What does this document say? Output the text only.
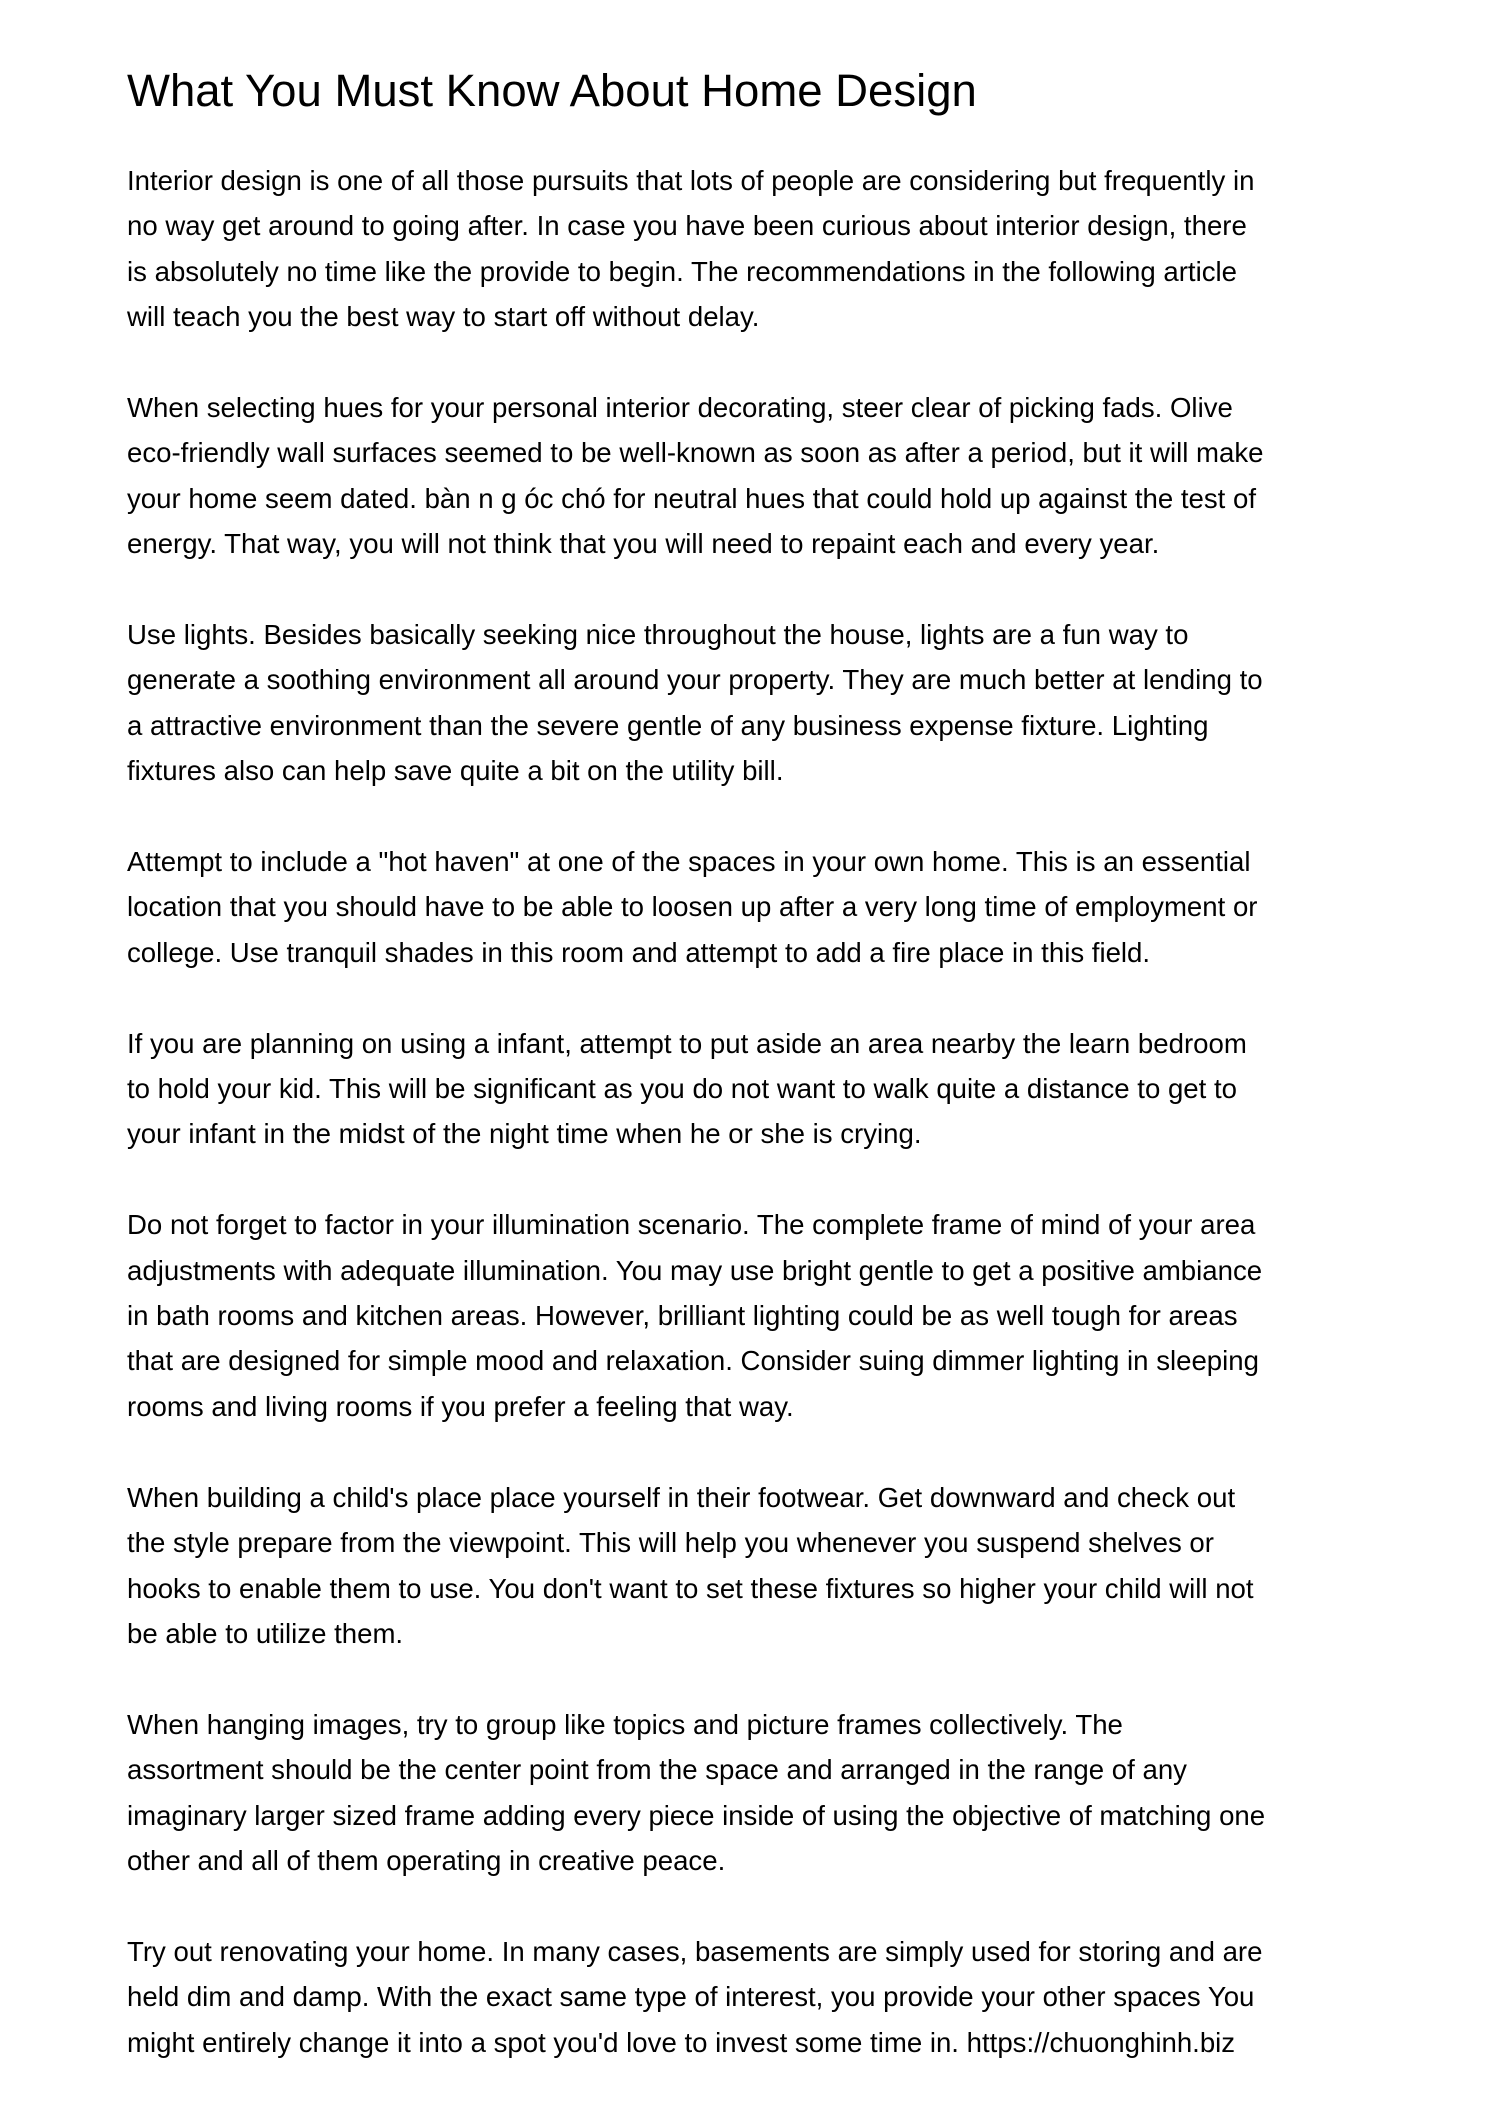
What You Must Know About Home Design

Interior design is one of all those pursuits that lots of people are considering but frequently in
no way get around to going after. In case you have been curious about interior design, there
is absolutely no time like the provide to begin. The recommendations in the following article
will teach you the best way to start off without delay.

When selecting hues for your personal interior decorating, steer clear of picking fads. Olive
eco-friendly wall surfaces seemed to be well-known as soon as after a period, but it will make
your home seem dated. bàn n g óc chó for neutral hues that could hold up against the test of
energy. That way, you will not think that you will need to repaint each and every year.

Use lights. Besides basically seeking nice throughout the house, lights are a fun way to
generate a soothing environment all around your property. They are much better at lending to
a attractive environment than the severe gentle of any business expense fixture. Lighting
fixtures also can help save quite a bit on the utility bill.

Attempt to include a "hot haven" at one of the spaces in your own home. This is an essential
location that you should have to be able to loosen up after a very long time of employment or
college. Use tranquil shades in this room and attempt to add a fire place in this field.

If you are planning on using a infant, attempt to put aside an area nearby the learn bedroom
to hold your kid. This will be significant as you do not want to walk quite a distance to get to
your infant in the midst of the night time when he or she is crying.

Do not forget to factor in your illumination scenario. The complete frame of mind of your area
adjustments with adequate illumination. You may use bright gentle to get a positive ambiance
in bath rooms and kitchen areas. However, brilliant lighting could be as well tough for areas
that are designed for simple mood and relaxation. Consider suing dimmer lighting in sleeping
rooms and living rooms if you prefer a feeling that way.

When building a child's place place yourself in their footwear. Get downward and check out
the style prepare from the viewpoint. This will help you whenever you suspend shelves or
hooks to enable them to use. You don't want to set these fixtures so higher your child will not
be able to utilize them.

When hanging images, try to group like topics and picture frames collectively. The
assortment should be the center point from the space and arranged in the range of any
imaginary larger sized frame adding every piece inside of using the objective of matching one
other and all of them operating in creative peace.

Try out renovating your home. In many cases, basements are simply used for storing and are
held dim and damp. With the exact same type of interest, you provide your other spaces You
might entirely change it into a spot you'd love to invest some time in. https://chuonghinh.biz
